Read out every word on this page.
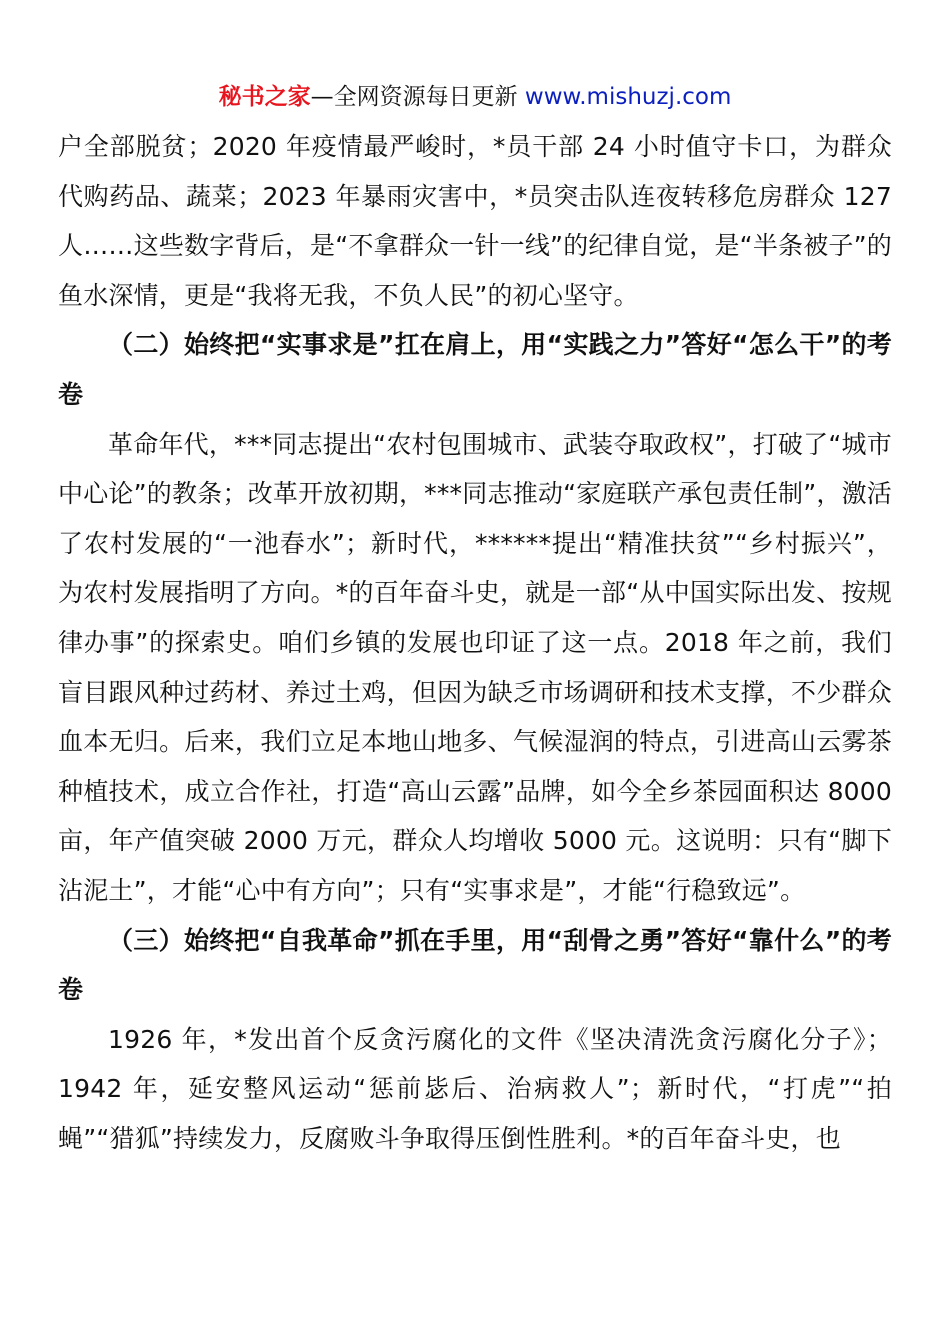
秘书之家—全网资源每日更新 www.mishuzj.com

户全部脱贫；2020 年疫情最严峻时，*员干部 24 小时值守卡口，为群众代购药品、蔬菜；2023 年暴雨灾害中，*员突击队连夜转移危房群众 127 人……这些数字背后，是“不拿群众一针一线”的纪律自觉，是“半条被子”的鱼水深情，更是“我将无我，不负人民”的初心坚守。

（二）始终把“实事求是”扛在肩上，用“实践之力”答好“怎么干”的考卷

革命年代，***同志提出“农村包围城市、武装夺取政权”，打破了“城市中心论”的教条；改革开放初期，***同志推动“家庭联产承包责任制”，激活了农村发展的“一池春水”；新时代，******提出“精准扶贫”“乡村振兴”，为农村发展指明了方向。*的百年奋斗史，就是一部“从中国实际出发、按规律办事”的探索史。咱们乡镇的发展也印证了这一点。2018 年之前，我们盲目跟风种过药材、养过土鸡，但因为缺乏市场调研和技术支撑，不少群众血本无归。后来，我们立足本地山地多、气候湿润的特点，引进高山云雾茶种植技术，成立合作社，打造“高山云露”品牌，如今全乡茶园面积达 8000 亩，年产值突破 2000 万元，群众人均增收 5000 元。这说明：只有“脚下沾泥土”，才能“心中有方向”；只有“实事求是”，才能“行稳致远”。

（三）始终把“自我革命”抓在手里，用“刮骨之勇”答好“靠什么”的考卷

1926 年，*发出首个反贪污腐化的文件《坚决清洗贪污腐化分子》；1942 年，延安整风运动“惩前毖后、治病救人”；新时代，“打虎”“拍蝇”“猎狐”持续发力，反腐败斗争取得压倒性胜利。*的百年奋斗史，也
